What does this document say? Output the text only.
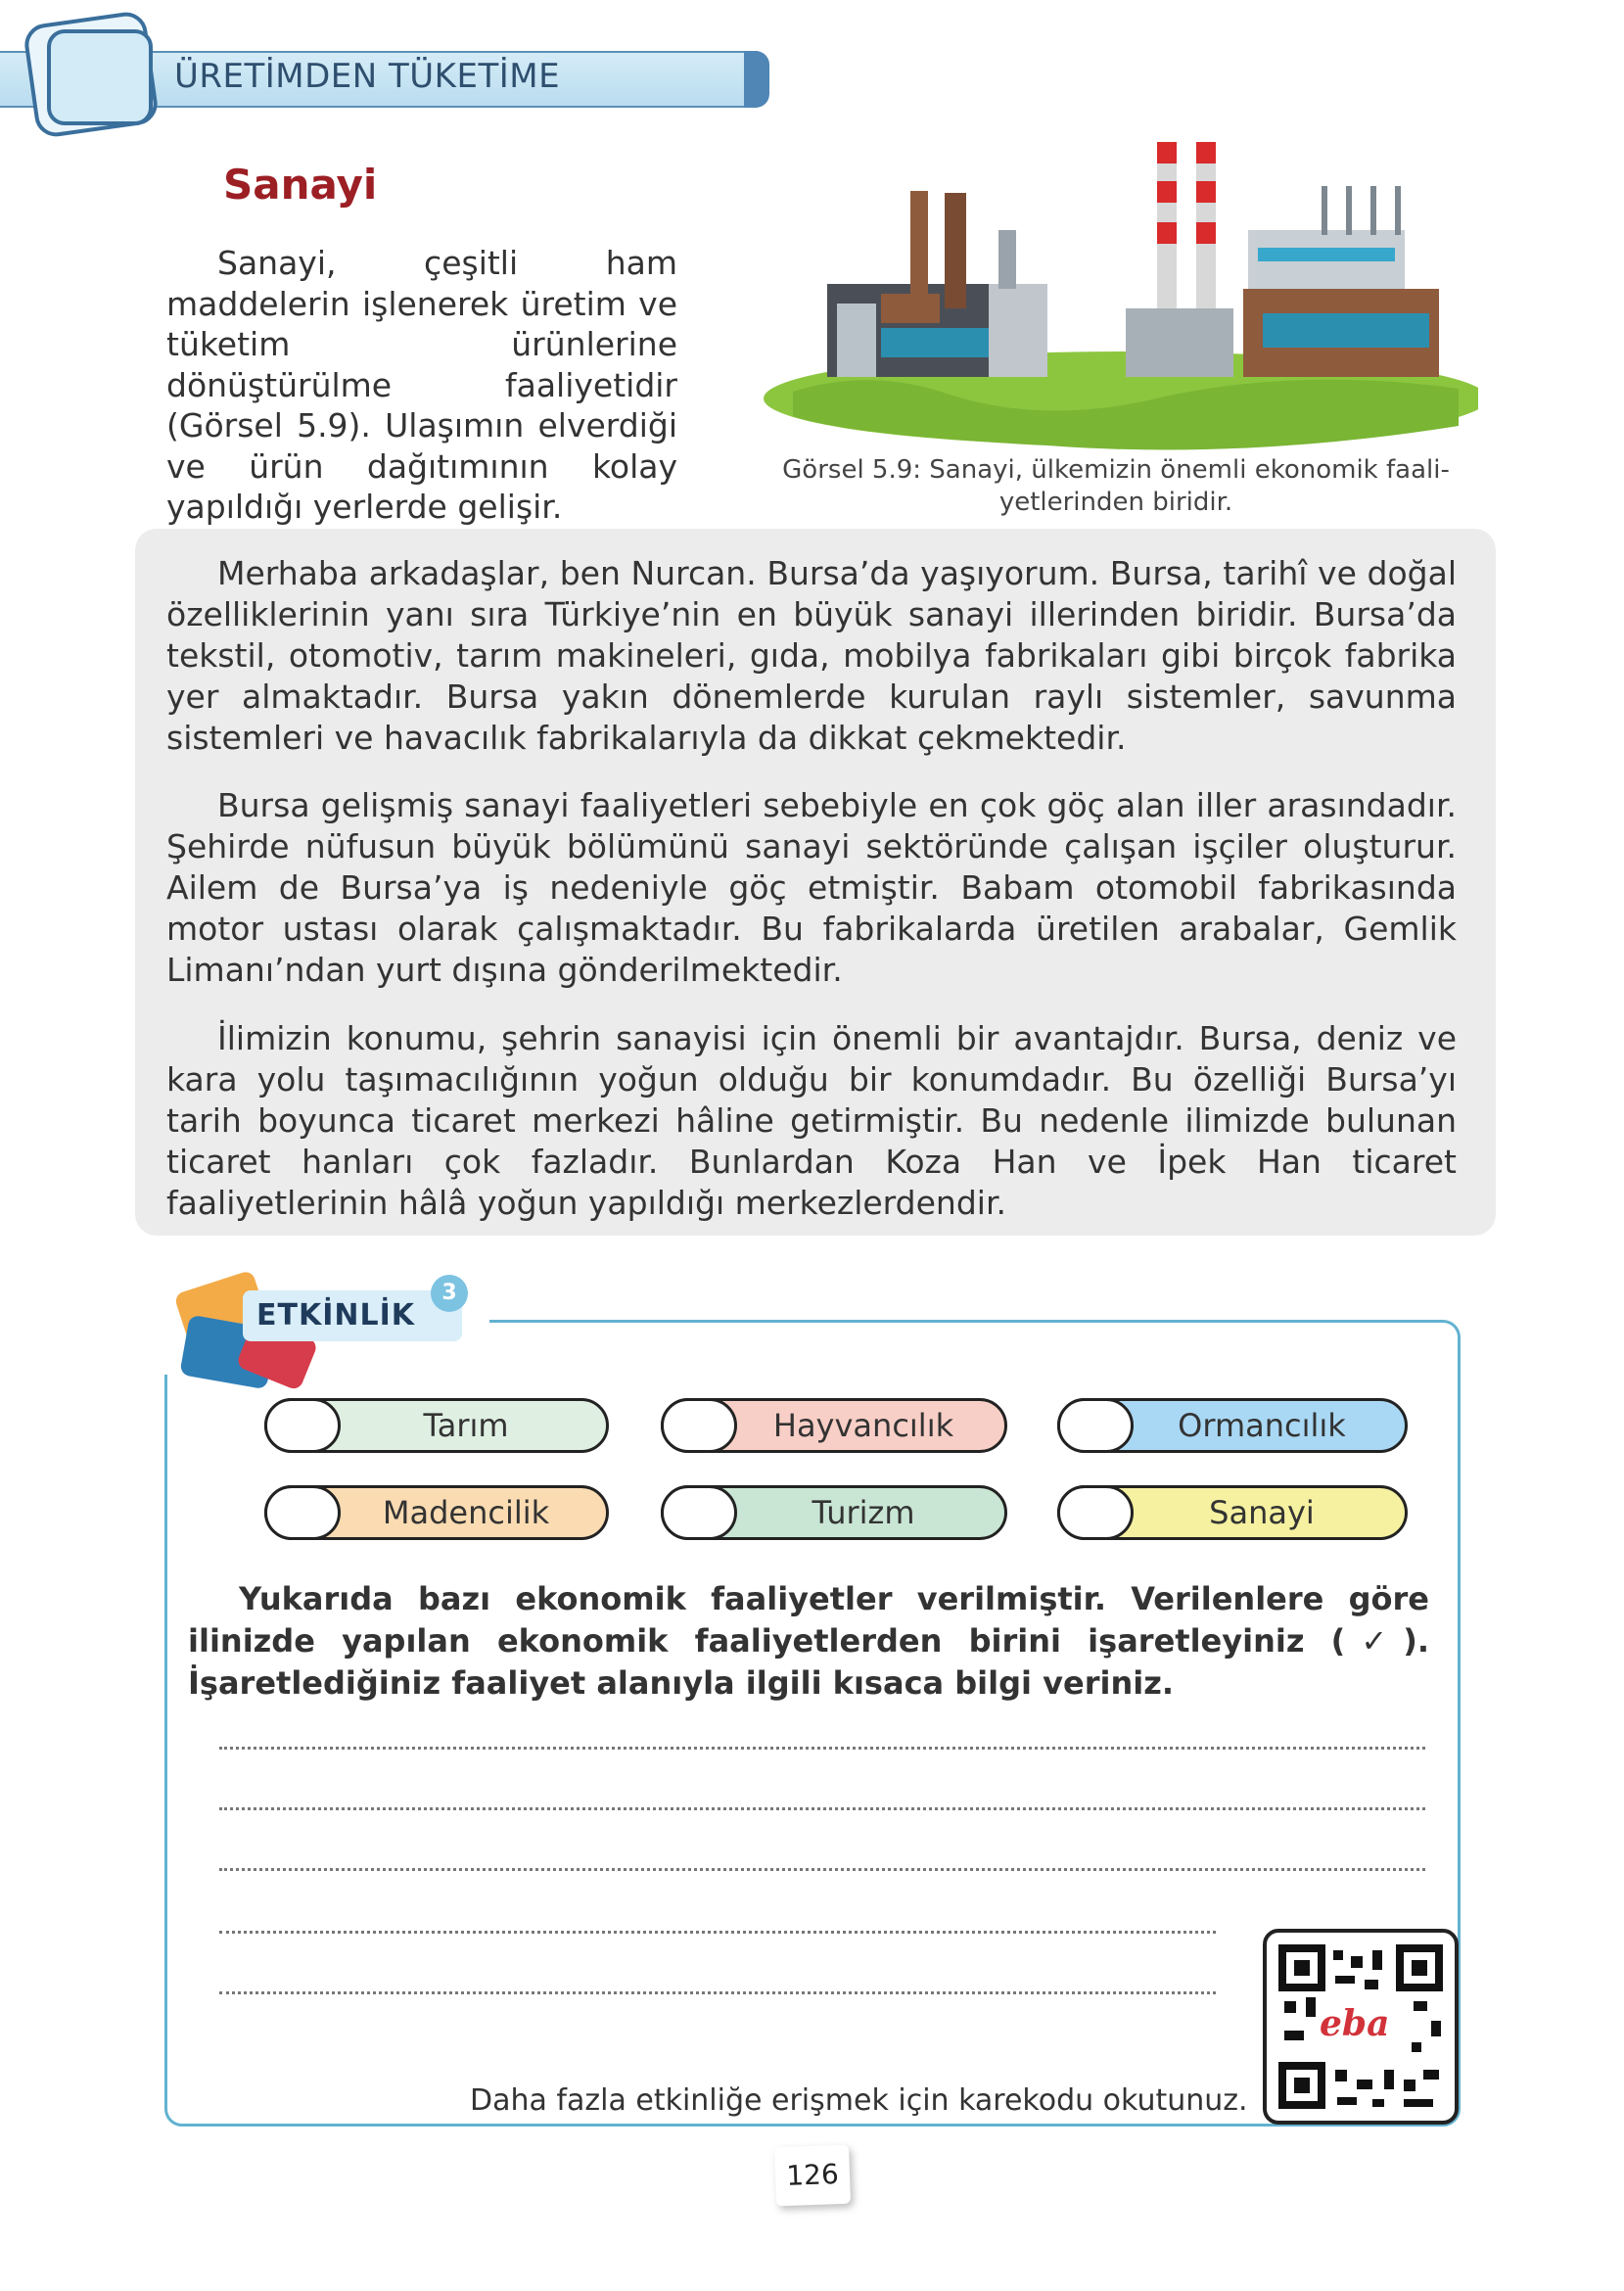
ÜRETİMDEN TÜKETİME
Sanayi
Sanayi, çeşitli ham maddelerin işlenerek üretim ve tüketim ürünlerine dönüştürülme faaliyetidir (Görsel 5.9). Ulaşımın elverdiği ve ürün dağıtımının kolay yapıldığı yerlerde gelişir.
Görsel 5.9: Sanayi, ülkemizin önemli ekonomik faali-
yetlerinden biridir.
Merhaba arkadaşlar, ben Nurcan. Bursa’da yaşıyorum. Bursa, tarihî ve doğal özelliklerinin yanı sıra Türkiye’nin en büyük sanayi illerinden biridir. Bursa’da tekstil, otomotiv, tarım makineleri, gıda, mobilya fabrikaları gibi birçok fabrika yer almaktadır. Bursa yakın dönemlerde kurulan raylı sistemler, savunma sistemleri ve havacılık fabrikalarıyla da dikkat çekmektedir.
Bursa gelişmiş sanayi faaliyetleri sebebiyle en çok göç alan iller arasındadır. Şehirde nüfusun büyük bölümünü sanayi sektöründe çalışan işçiler oluşturur. Ailem de Bursa’ya iş nedeniyle göç etmiştir. Babam otomobil fabrikasında motor ustası olarak çalışmaktadır. Bu fabrikalarda üretilen arabalar, Gemlik Limanı’ndan yurt dışına gönderilmektedir.
İlimizin konumu, şehrin sanayisi için önemli bir avantajdır. Bursa, deniz ve kara yolu taşımacılığının yoğun olduğu bir konumdadır. Bu özelliği Bursa’yı tarih boyunca ticaret merkezi hâline getirmiştir. Bu nedenle ilimizde bulunan ticaret hanları çok fazladır. Bunlardan Koza Han ve İpek Han ticaret faaliyetlerinin hâlâ yoğun yapıldığı merkezlerdendir.
ETKİNLİK
3
Tarım	Hayvancılık	Ormancılık
Madencilik	Turizm	Sanayi
Yukarıda bazı ekonomik faaliyetler verilmiştir. Verilenlere göre ilinizde yapılan ekonomik faaliyetlerden birini işaretleyiniz (✓). İşaretlediğiniz faaliyet alanıyla ilgili kısaca bilgi veriniz.
eba
Daha fazla etkinliğe erişmek için karekodu okutunuz.
126
